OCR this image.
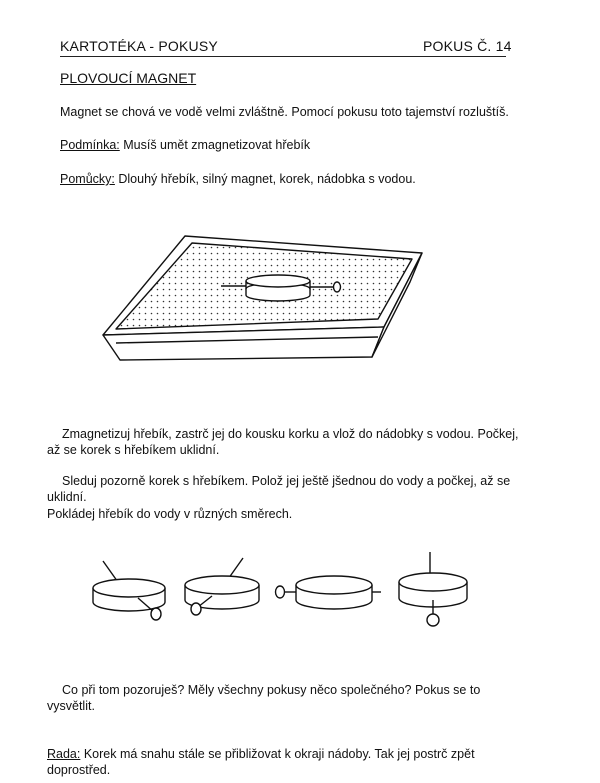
KARTOTÉKA - POKUSY	POKUS Č. 14
PLOVOUCÍ MAGNET
Magnet se chová ve vodě velmi zvláštně. Pomocí pokusu toto tajemství rozluštíš.
Podmínka: Musíš umět zmagnetizovat hřebík
Pomůcky: Dlouhý hřebík, silný magnet, korek, nádobka s vodou.
Zmagnetizuj hřebík, zastrč jej do kousku korku a vlož do nádobky s vodou. Počkej,
až se korek s hřebíkem uklidní.
Sleduj pozorně korek s hřebíkem. Polož jej ještě jšednou do vody a počkej, až se
uklidní.
Pokládej hřebík do vody v různých směrech.
Co při tom pozoruješ? Měly všechny pokusy něco společného? Pokus se to
vysvětlit.
Rada: Korek má snahu stále se přibližovat k okraji nádoby. Tak jej postrč zpět
doprostřed.
